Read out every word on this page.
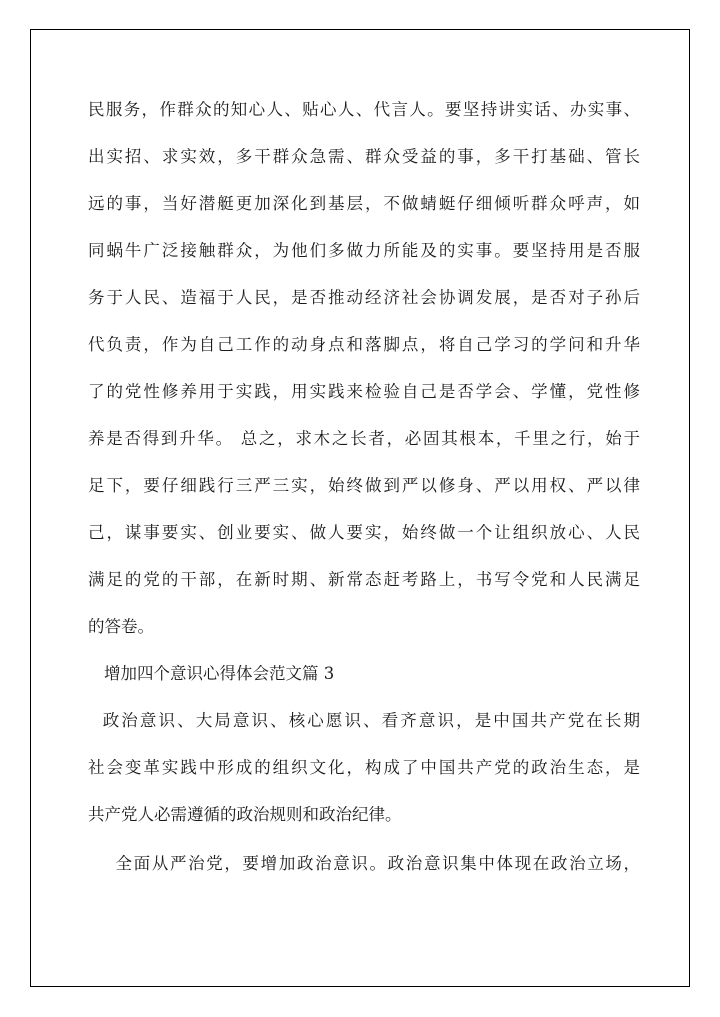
民服务，作群众的知心人、贴心人、代言人。要坚持讲实话、办实事、
出实招、求实效，多干群众急需、群众受益的事，多干打基础、管长
远的事，当好潜艇更加深化到基层，不做蜻蜓仔细倾听群众呼声，如
同蜗牛广泛接触群众，为他们多做力所能及的实事。要坚持用是否服
务于人民、造福于人民，是否推动经济社会协调发展，是否对子孙后
代负责，作为自己工作的动身点和落脚点，将自己学习的学问和升华
了的党性修养用于实践，用实践来检验自己是否学会、学懂，党性修
养是否得到升华。 总之，求木之长者，必固其根本，千里之行，始于
足下，要仔细践行三严三实，始终做到严以修身、严以用权、严以律
己，谋事要实、创业要实、做人要实，始终做一个让组织放心、人民
满足的党的干部，在新时期、新常态赶考路上，书写令党和人民满足
的答卷。
增加四个意识心得体会范文篇 3
政治意识、大局意识、核心愿识、看齐意识，是中国共产党在长期
社会变革实践中形成的组织文化，构成了中国共产党的政治生态，是
共产党人必需遵循的政治规则和政治纪律。
全面从严治党，要增加政治意识。政治意识集中体现在政治立场，
